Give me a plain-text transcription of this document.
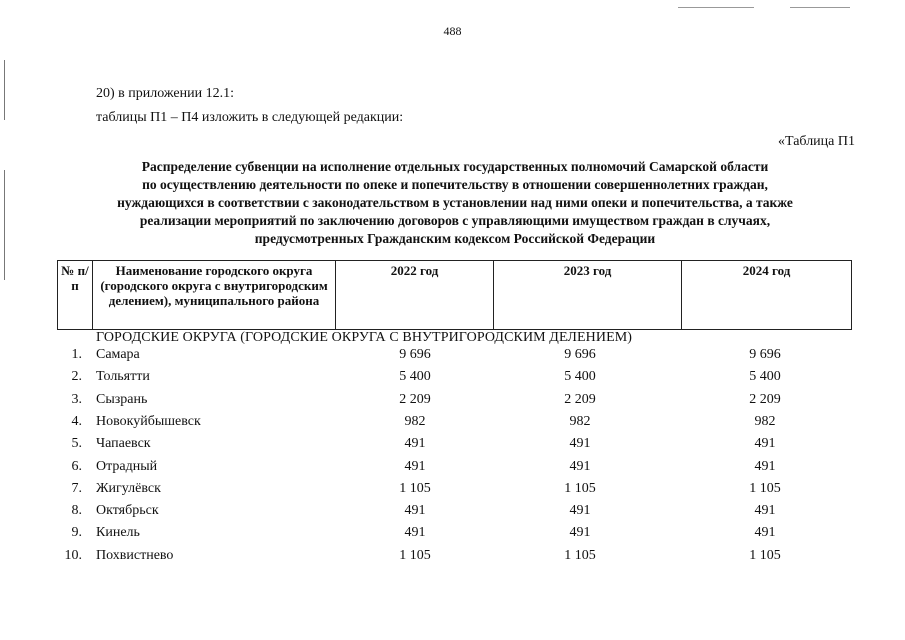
488
20) в приложении 12.1:
таблицы П1 – П4 изложить в следующей редакции:
«Таблица П1
Распределение субвенции на исполнение отдельных государственных полномочий Самарской области
по осуществлению деятельности по опеке и попечительству в отношении совершеннолетних граждан,
нуждающихся в соответствии с законодательством в установлении над ними опеки и попечительства, а также
реализации мероприятий по заключению договоров с управляющими имуществом граждан в случаях,
предусмотренных Гражданским кодексом Российской Федерации
№ п/п	Наименование городского округа (городского округа с внутригородским делением), муниципального района	2022 год	2023 год	2024 год
ГОРОДСКИЕ ОКРУГА (ГОРОДСКИЕ ОКРУГА С ВНУТРИГОРОДСКИМ ДЕЛЕНИЕМ)
1. Самара	9 696	9 696	9 696
2. Тольятти	5 400	5 400	5 400
3. Сызрань	2 209	2 209	2 209
4. Новокуйбышевск	982	982	982
5. Чапаевск	491	491	491
6. Отрадный	491	491	491
7. Жигулёвск	1 105	1 105	1 105
8. Октябрьск	491	491	491
9. Кинель	491	491	491
10. Похвистнево	1 105	1 105	1 105
